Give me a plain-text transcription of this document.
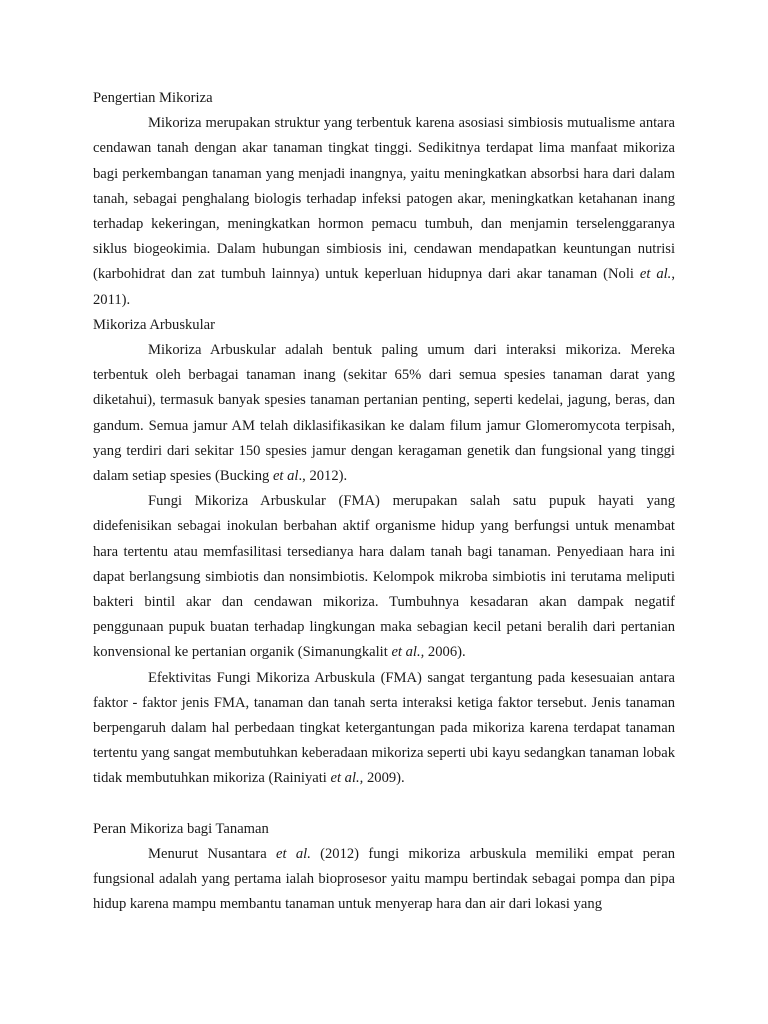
Pengertian Mikoriza

Mikoriza merupakan struktur yang terbentuk karena asosiasi simbiosis mutualisme antara cendawan tanah dengan akar tanaman tingkat tinggi. Sedikitnya terdapat lima manfaat mikoriza bagi perkembangan tanaman yang menjadi inangnya, yaitu meningkatkan absorbsi hara dari dalam tanah, sebagai penghalang biologis terhadap infeksi patogen akar, meningkatkan ketahanan inang terhadap kekeringan, meningkatkan hormon pemacu tumbuh, dan menjamin terselenggaranya siklus biogeokimia. Dalam hubungan simbiosis ini, cendawan mendapatkan keuntungan nutrisi (karbohidrat dan zat tumbuh lainnya) untuk keperluan hidupnya dari akar tanaman (Noli et al., 2011).

Mikoriza Arbuskular

Mikoriza Arbuskular adalah bentuk paling umum dari interaksi mikoriza. Mereka terbentuk oleh berbagai tanaman inang (sekitar 65% dari semua spesies tanaman darat yang diketahui), termasuk banyak spesies tanaman pertanian penting, seperti kedelai, jagung, beras, dan gandum. Semua jamur AM telah diklasifikasikan ke dalam filum jamur Glomeromycota terpisah, yang terdiri dari sekitar 150 spesies jamur dengan keragaman genetik dan fungsional yang tinggi dalam setiap spesies (Bucking et al., 2012).

Fungi Mikoriza Arbuskular (FMA) merupakan salah satu pupuk hayati yang didefenisikan sebagai inokulan berbahan aktif organisme hidup yang berfungsi untuk menambat hara tertentu atau memfasilitasi tersedianya hara dalam tanah bagi tanaman. Penyediaan hara ini dapat berlangsung simbiotis dan nonsimbiotis. Kelompok mikroba simbiotis ini terutama meliputi bakteri bintil akar dan cendawan mikoriza. Tumbuhnya kesadaran akan dampak negatif penggunaan pupuk buatan terhadap lingkungan maka sebagian kecil petani beralih dari pertanian konvensional ke pertanian organik (Simanungkalit et al., 2006).

Efektivitas Fungi Mikoriza Arbuskula (FMA) sangat tergantung pada kesesuaian antara faktor - faktor jenis FMA, tanaman dan tanah serta interaksi ketiga faktor tersebut. Jenis tanaman berpengaruh dalam hal perbedaan tingkat ketergantungan pada mikoriza karena terdapat tanaman tertentu yang sangat membutuhkan keberadaan mikoriza seperti ubi kayu sedangkan tanaman lobak tidak membutuhkan mikoriza (Rainiyati et al., 2009).

Peran Mikoriza bagi Tanaman

Menurut Nusantara et al. (2012) fungi mikoriza arbuskula memiliki empat peran fungsional adalah yang pertama ialah bioprosesor yaitu mampu bertindak sebagai pompa dan pipa hidup karena mampu membantu tanaman untuk menyerap hara dan air dari lokasi yang
